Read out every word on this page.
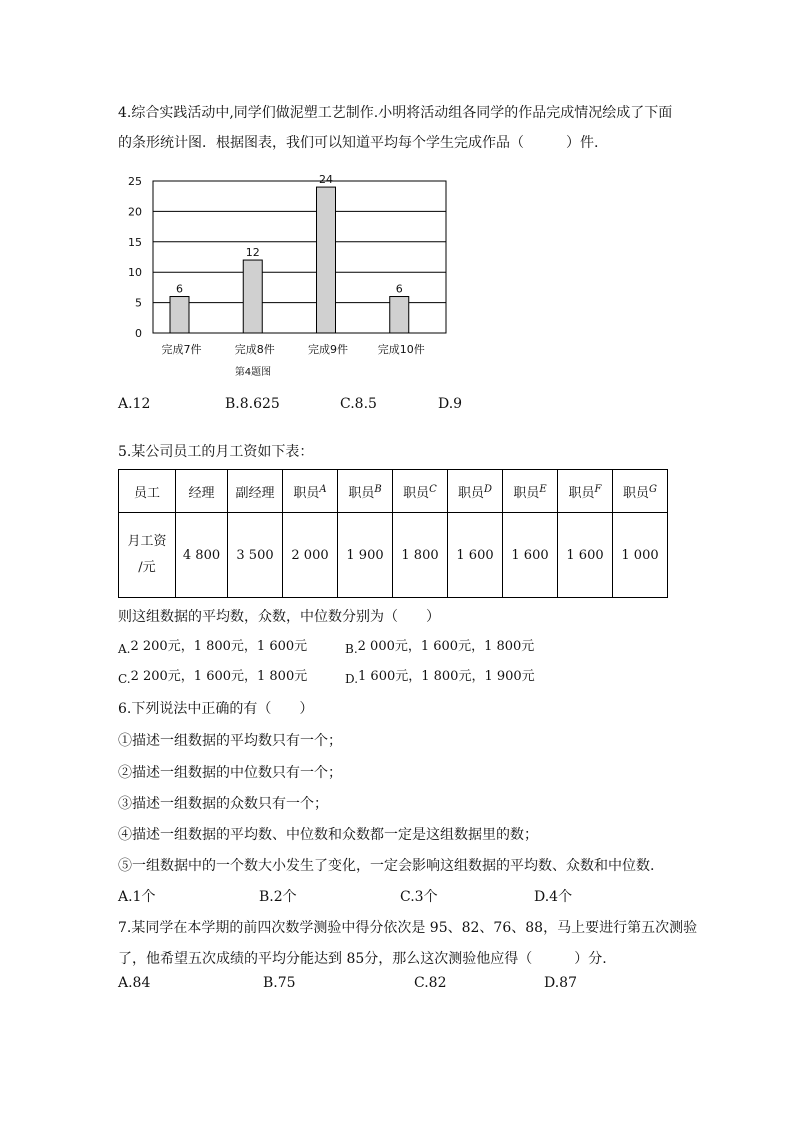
4.综合实践活动中,同学们做泥塑工艺制作.小明将活动组各同学的作品完成情况绘成了下面
的条形统计图．根据图表，我们可以知道平均每个学生完成作品（　　　）件.
0
5
10
15
20
25
6
完成7件
12
完成8件
24
完成9件
6
完成10件
第4题图
A.12	B.8.625	C.8.5	D.9
5.某公司员工的月工资如下表：
员工	经理	副经理	职员$^A$	职员$^B$	职员$^C$	职员$^D$	职员$^E$	职员$^F$	职员$^G$

月工资
/元	4 800	3 500	2 000	1 900	1 800	1 600	1 600	1 600	1 000
则这组数据的平均数，众数，中位数分别为（　　）
A.2 200元，1 800元，1 600元	B.2 000元，1 600元，1 800元
C.2 200元，1 600元，1 800元	D.1 600元，1 800元，1 900元
6.下列说法中正确的有（　　）
①描述一组数据的平均数只有一个；
②描述一组数据的中位数只有一个；
③描述一组数据的众数只有一个；
④描述一组数据的平均数、中位数和众数都一定是这组数据里的数；
⑤一组数据中的一个数大小发生了变化，一定会影响这组数据的平均数、众数和中位数.
A.1个	B.2个	C.3个	D.4个
7.某同学在本学期的前四次数学测验中得分依次是 95、82、76、88，马上要进行第五次测验
了，他希望五次成绩的平均分能达到 85分，那么这次测验他应得（　　　）分.
A.84	B.75	C.82	D.87
